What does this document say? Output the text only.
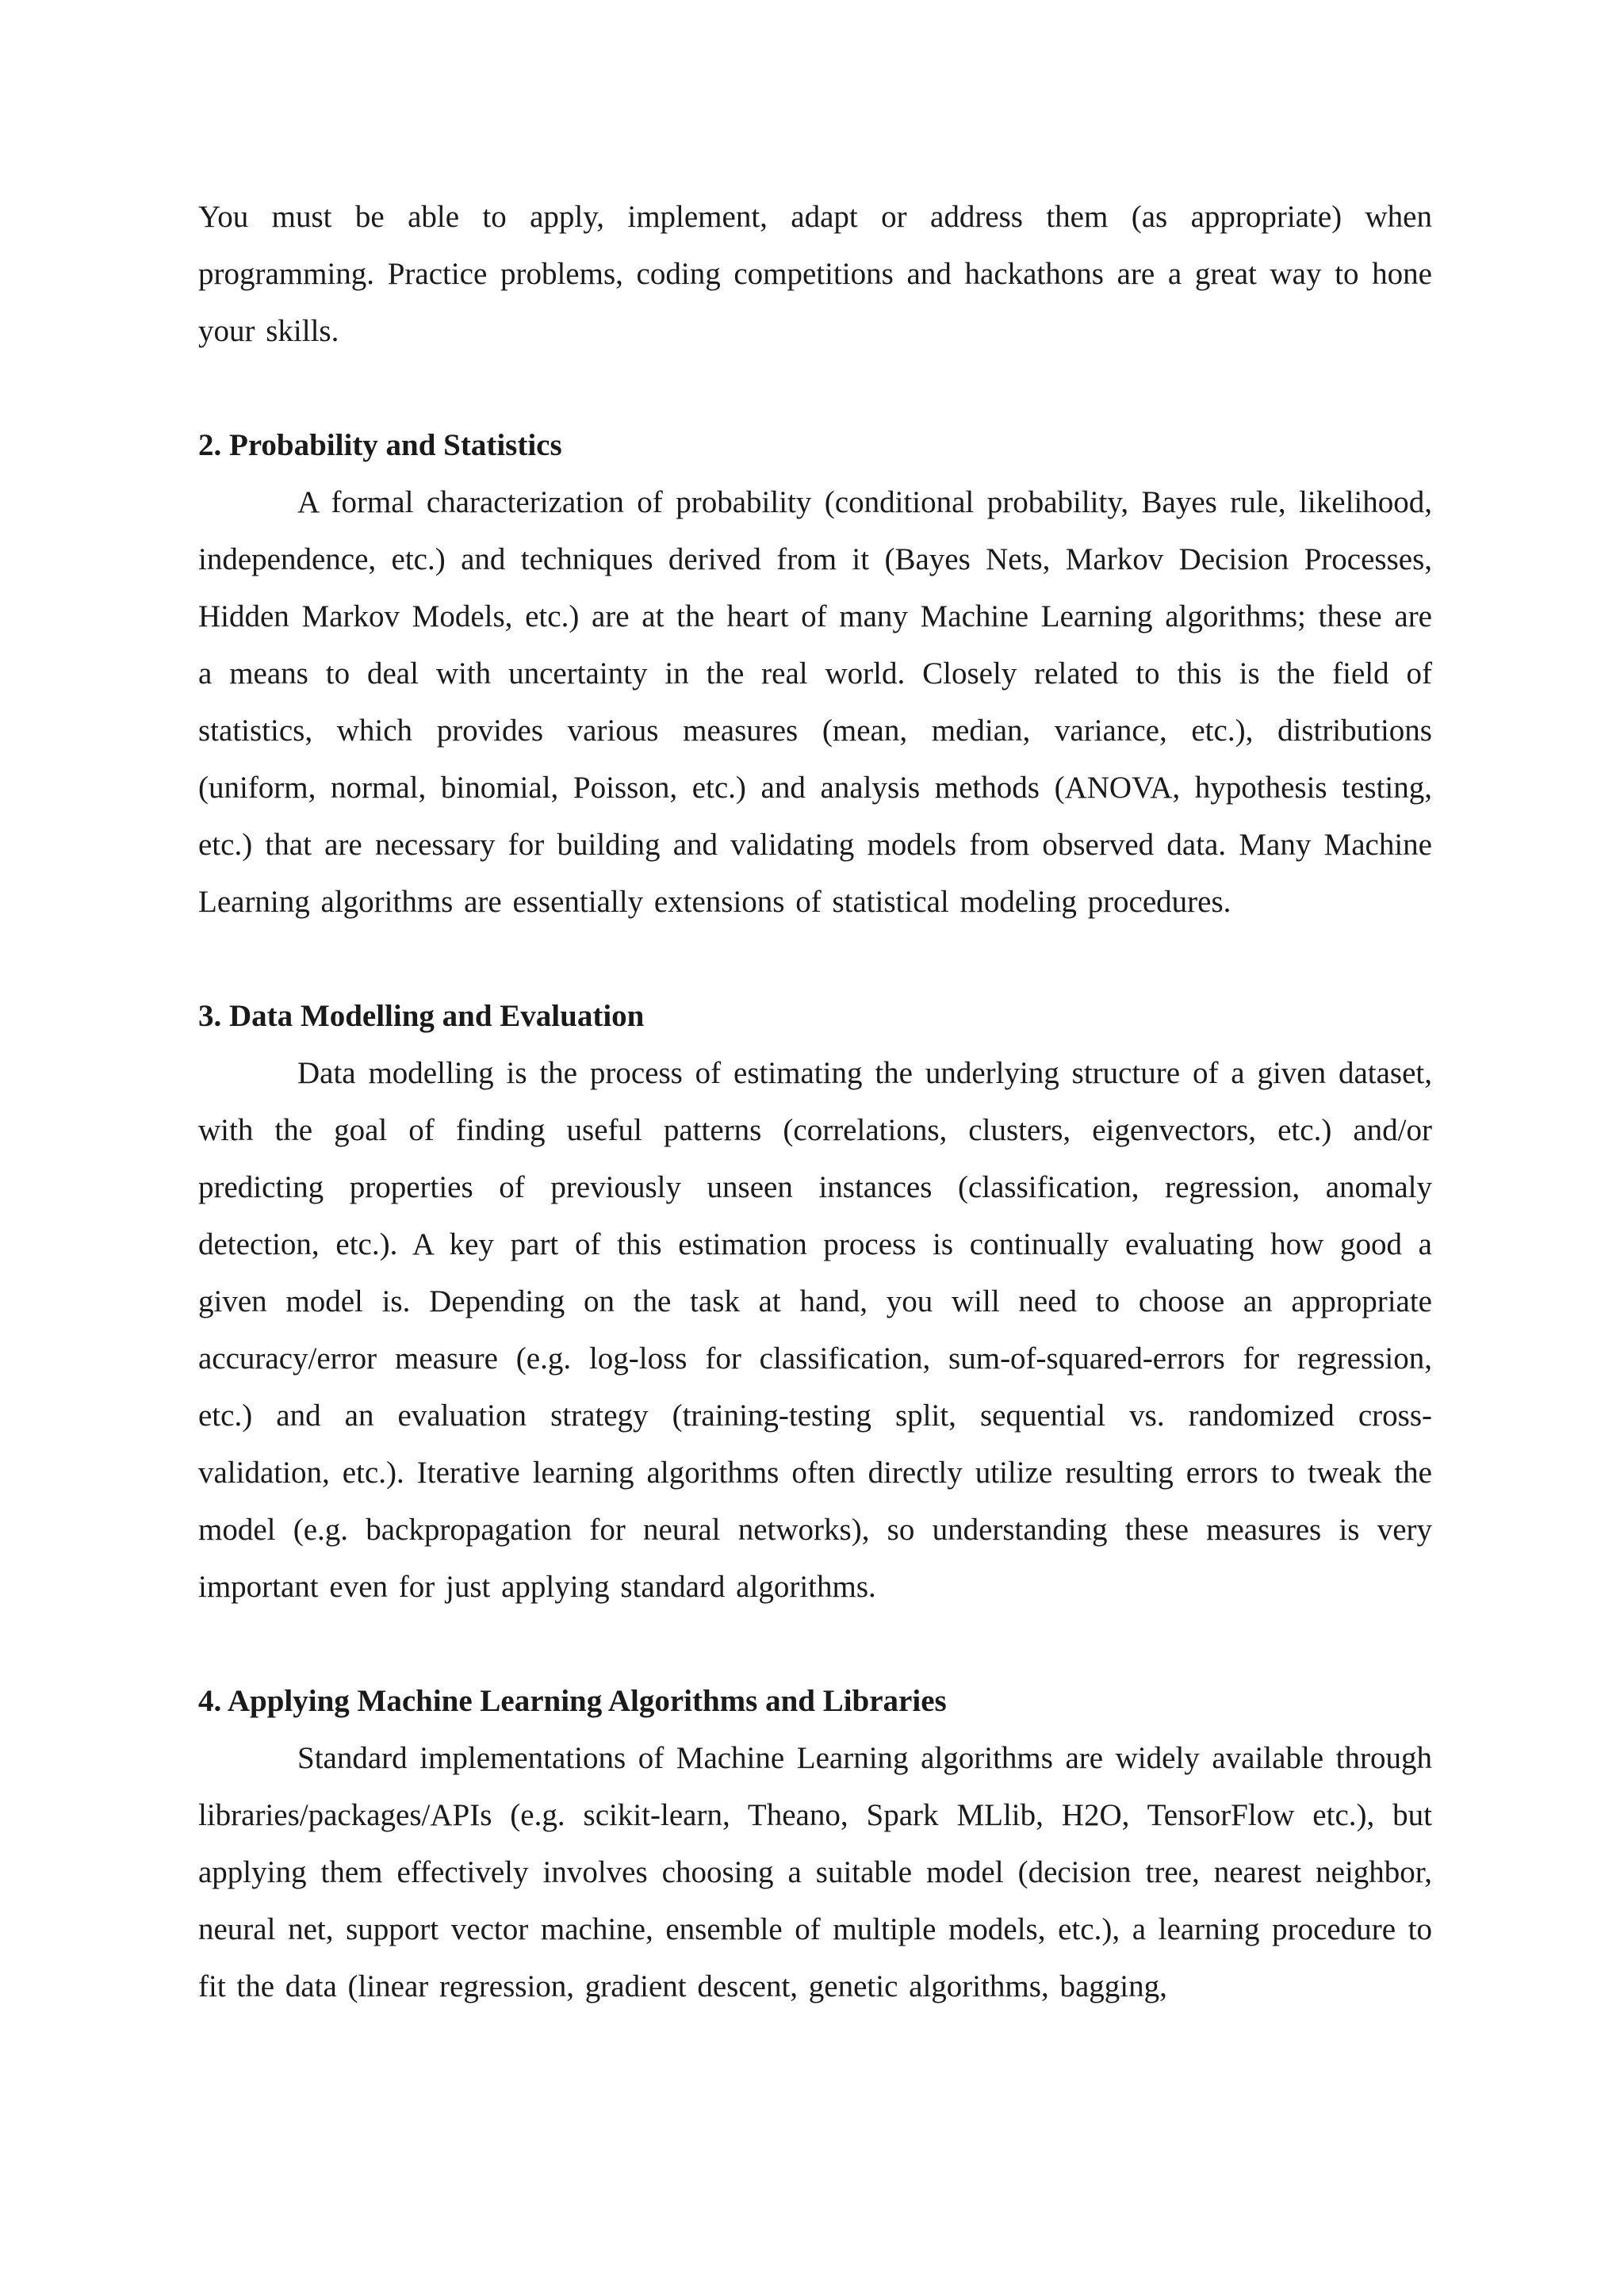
You must be able to apply, implement, adapt or address them (as appropriate) when programming. Practice problems, coding competitions and hackathons are a great way to hone your skills.

2. Probability and Statistics

A formal characterization of probability (conditional probability, Bayes rule, likelihood, independence, etc.) and techniques derived from it (Bayes Nets, Markov Decision Processes, Hidden Markov Models, etc.) are at the heart of many Machine Learning algorithms; these are a means to deal with uncertainty in the real world. Closely related to this is the field of statistics, which provides various measures (mean, median, variance, etc.), distributions (uniform, normal, binomial, Poisson, etc.) and analysis methods (ANOVA, hypothesis testing, etc.) that are necessary for building and validating models from observed data. Many Machine Learning algorithms are essentially extensions of statistical modeling procedures.

3. Data Modelling and Evaluation

Data modelling is the process of estimating the underlying structure of a given dataset, with the goal of finding useful patterns (correlations, clusters, eigenvectors, etc.) and/or predicting properties of previously unseen instances (classification, regression, anomaly detection, etc.). A key part of this estimation process is continually evaluating how good a given model is. Depending on the task at hand, you will need to choose an appropriate accuracy/error measure (e.g. log-loss for classification, sum-of-squared-errors for regression, etc.) and an evaluation strategy (training-testing split, sequential vs. randomized cross-validation, etc.). Iterative learning algorithms often directly utilize resulting errors to tweak the model (e.g. backpropagation for neural networks), so understanding these measures is very important even for just applying standard algorithms.

4. Applying Machine Learning Algorithms and Libraries

Standard implementations of Machine Learning algorithms are widely available through libraries/packages/APIs (e.g. scikit-learn, Theano, Spark MLlib, H2O, TensorFlow etc.), but applying them effectively involves choosing a suitable model (decision tree, nearest neighbor, neural net, support vector machine, ensemble of multiple models, etc.), a learning procedure to fit the data (linear regression, gradient descent, genetic algorithms, bagging,
